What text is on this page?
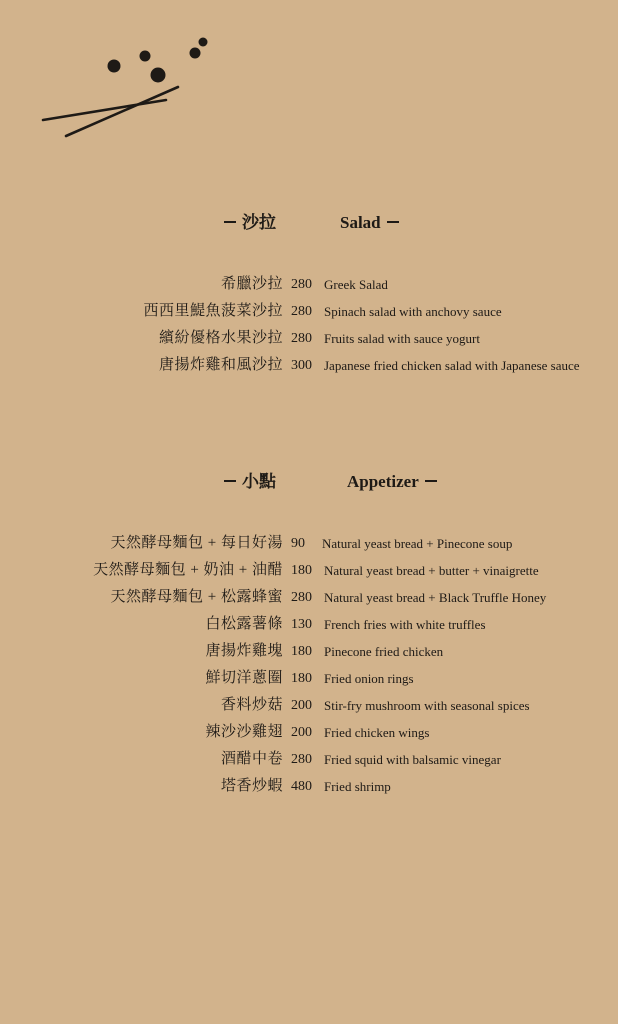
沙拉	Salad
希臘沙拉 280 Greek Salad
西西里鯷魚菠菜沙拉 280 Spinach salad with anchovy sauce
繽紛優格水果沙拉 280 Fruits salad with sauce yogurt
唐揚炸雞和風沙拉 300 Japanese fried chicken salad with Japanese sauce
小點	Appetizer
天然酵母麵包 + 每日好湯 90 Natural yeast bread + Pinecone soup
天然酵母麵包 + 奶油 + 油醋 180 Natural yeast bread + butter + vinaigrette
天然酵母麵包 + 松露蜂蜜 280 Natural yeast bread + Black Truffle Honey
白松露薯條 130 French fries with white truffles
唐揚炸雞塊 180 Pinecone fried chicken
鮮切洋蔥圈 180 Fried onion rings
香料炒菇 200 Stir-fry mushroom with seasonal spices
辣沙沙雞翅 200 Fried chicken wings
酒醋中卷 280 Fried squid with balsamic vinegar
塔香炒蝦 480 Fried shrimp
